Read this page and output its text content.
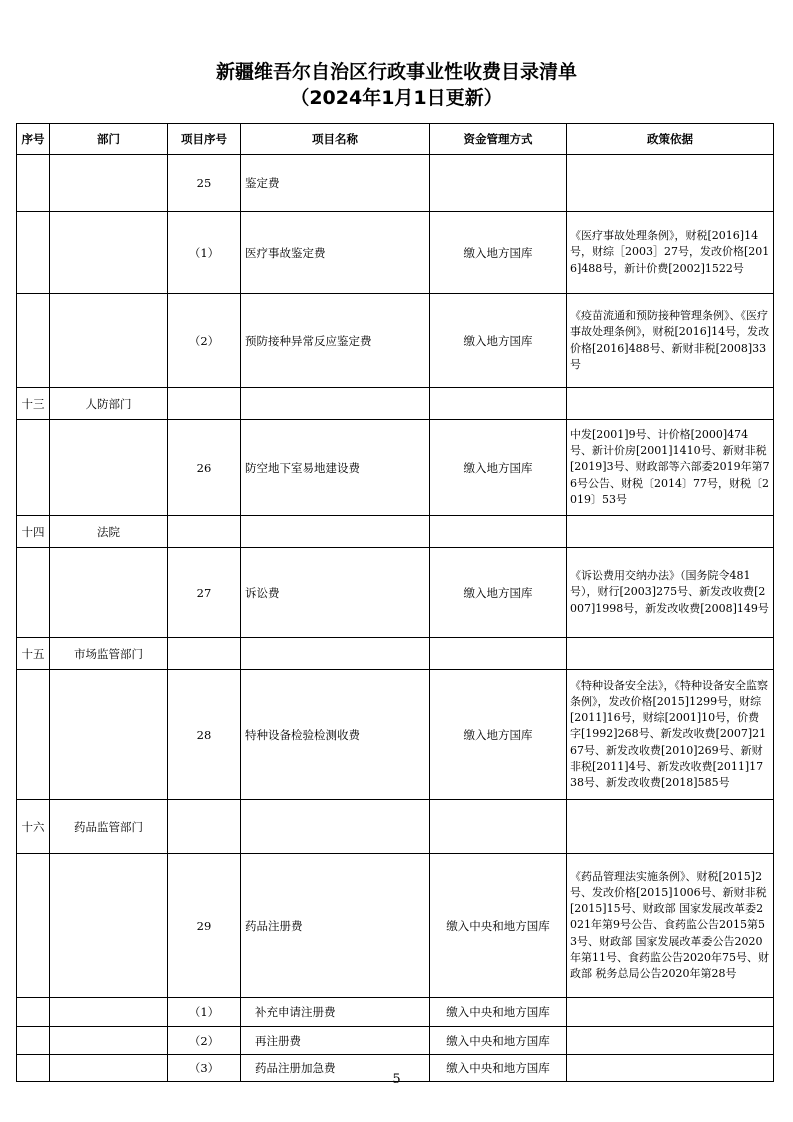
新疆维吾尔自治区行政事业性收费目录清单
（2024年1月1日更新）
序号	部门	项目序号	项目名称	资金管理方式	政策依据
		25	鉴定费		
		（1）	医疗事故鉴定费	缴入地方国库	《医疗事故处理条例》，财税[2016]14号，财综［2003］27号，发改价格[2016]488号，新计价费[2002]1522号
		（2）	预防接种异常反应鉴定费	缴入地方国库	《疫苗流通和预防接种管理条例》、《医疗事故处理条例》，财税[2016]14号，发改价格[2016]488号、新财非税[2008]33号
十三	人防部门				
		26	防空地下室易地建设费	缴入地方国库	中发[2001]9号、计价格[2000]474号、新计价房[2001]1410号、新财非税[2019]3号、财政部等六部委2019年第76号公告、财税〔2014〕77号，财税〔2019〕53号
十四	法院				
		27	诉讼费	缴入地方国库	《诉讼费用交纳办法》（国务院令481号），财行[2003]275号、新发改收费[2007]1998号，新发改收费[2008]149号
十五	市场监管部门				
		28	特种设备检验检测收费	缴入地方国库	《特种设备安全法》，《特种设备安全监察条例》，发改价格[2015]1299号，财综[2011]16号，财综[2001]10号，价费字[1992]268号、新发改收费[2007]2167号、新发改收费[2010]269号、新财非税[2011]4号、新发改收费[2011]1738号、新发改收费[2018]585号
十六	药品监管部门				
		29	药品注册费	缴入中央和地方国库	《药品管理法实施条例》、财税[2015]2号、发改价格[2015]1006号、新财非税[2015]15号、财政部 国家发展改革委2021年第9号公告、食药监公告2015第53号、财政部 国家发展改革委公告2020年第11号、食药监公告2020年75号、财政部 税务总局公告2020年第28号
		（1）	补充申请注册费	缴入中央和地方国库	
		（2）	再注册费	缴入中央和地方国库	
		（3）	药品注册加急费	缴入中央和地方国库	
5
